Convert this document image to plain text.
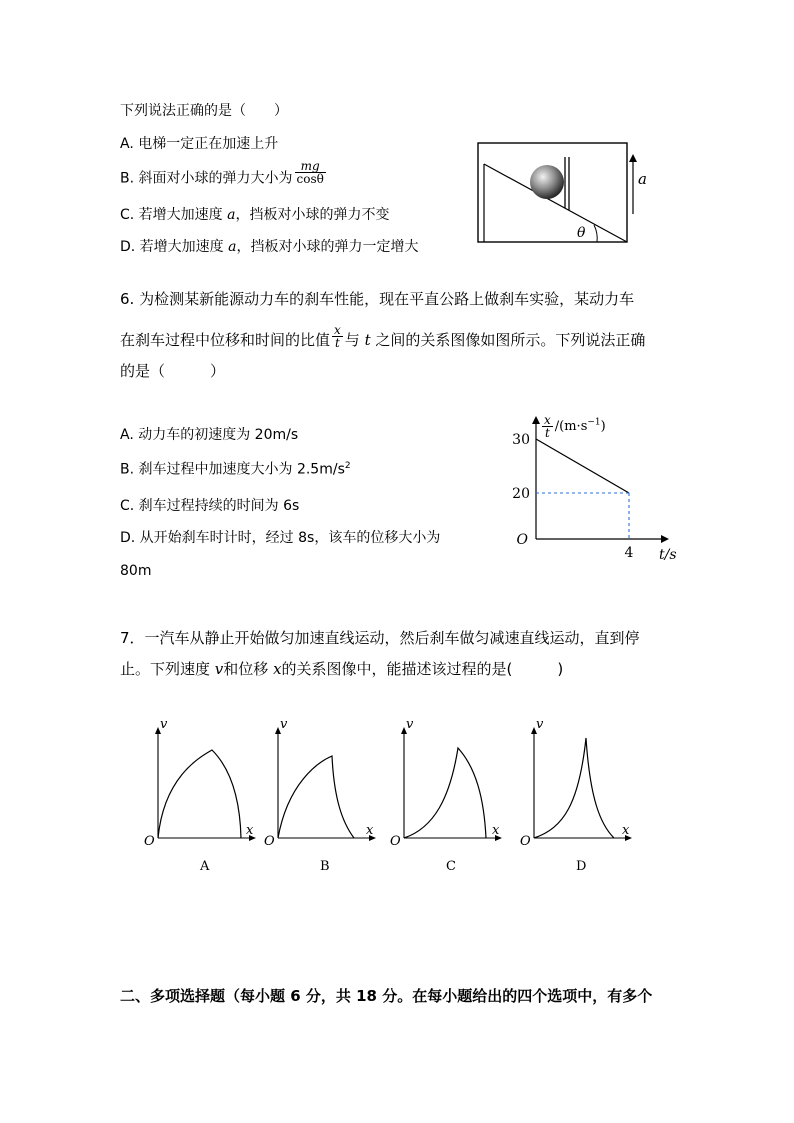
下列说法正确的是（　　）
A. 电梯一定正在加速上升
B. 斜面对小球的弹力大小为 $\frac{mg}{\cos\theta}$
C. 若增大加速度 a，挡板对小球的弹力不变
D. 若增大加速度 a，挡板对小球的弹力一定增大
θ
a
6. 为检测某新能源动力车的刹车性能，现在平直公路上做刹车实验，某动力车
在刹车过程中位移和时间的比值 $\frac{x}{t}$ 与 t 之间的关系图像如图所示。下列说法正确
的是（　　　）
A. 动力车的初速度为 20m/s
B. 刹车过程中加速度大小为 $2.5m/s^2$
C. 刹车过程持续的时间为 6s
D. 从开始刹车时计时，经过 8s，该车的位移大小为
80m
30
20
O
4 t/s
$\frac{x}{t} /(m\cdot s^{-1})$
7．一汽车从静止开始做匀加速直线运动，然后刹车做匀减速直线运动，直到停
止。下列速度 v和位移 x的关系图像中，能描述该过程的是(　　　)
v
x
O
A
v
x
O
B
v
x
O
C
v
x
O
D
二、多项选择题（每小题 6 分，共 18 分。在每小题给出的四个选项中，有多个
